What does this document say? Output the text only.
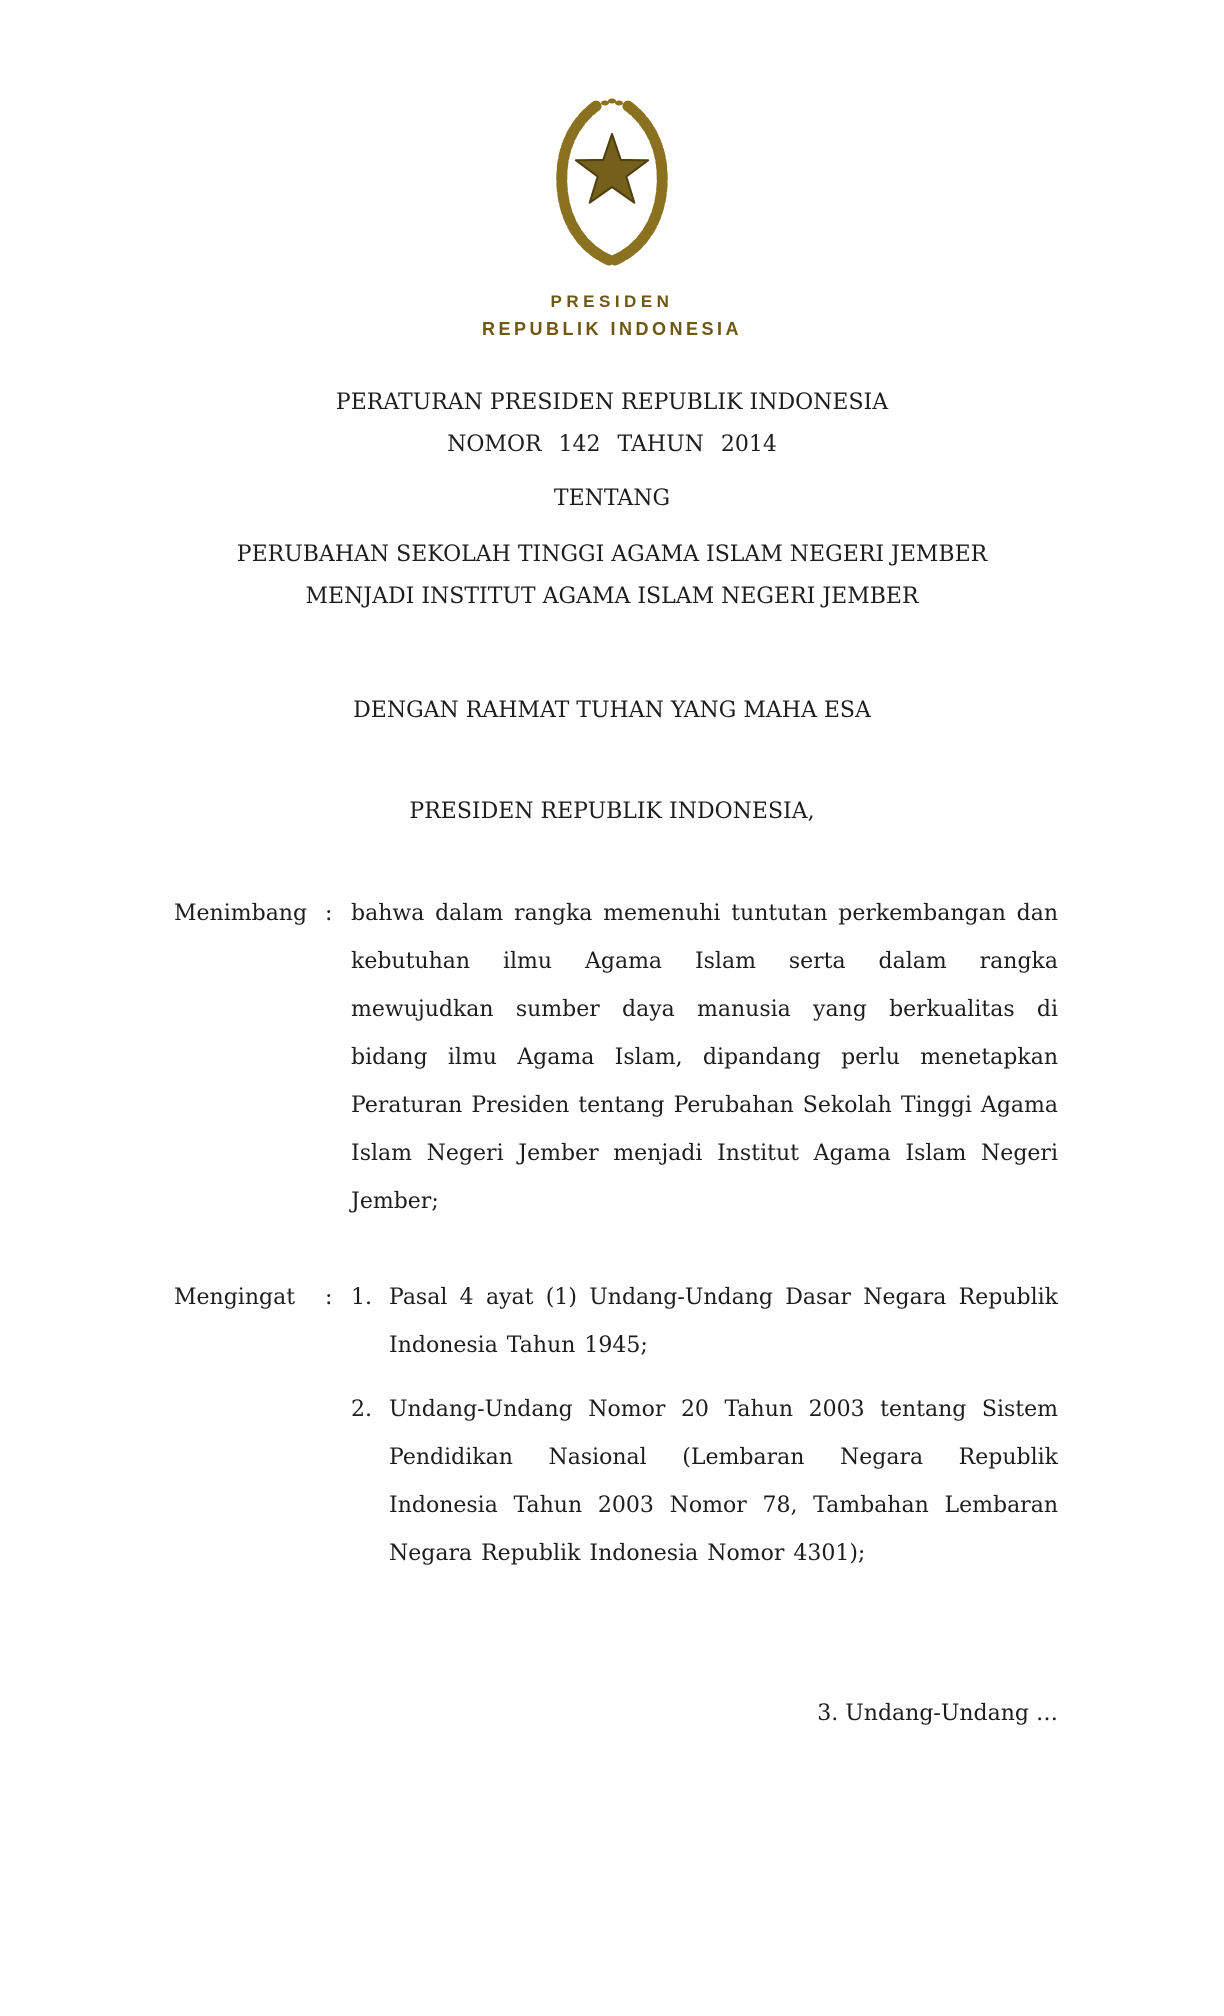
PRESIDEN
REPUBLIK INDONESIA
PERATURAN PRESIDEN REPUBLIK INDONESIA
NOMOR 142 TAHUN 2014
TENTANG
PERUBAHAN SEKOLAH TINGGI AGAMA ISLAM NEGERI JEMBER
MENJADI INSTITUT AGAMA ISLAM NEGERI JEMBER
DENGAN RAHMAT TUHAN YANG MAHA ESA
PRESIDEN REPUBLIK INDONESIA,
Menimbang : bahwa dalam rangka memenuhi tuntutan perkembangan dan kebutuhan ilmu Agama Islam serta dalam rangka mewujudkan sumber daya manusia yang berkualitas di bidang ilmu Agama Islam, dipandang perlu menetapkan Peraturan Presiden tentang Perubahan Sekolah Tinggi Agama Islam Negeri Jember menjadi Institut Agama Islam Negeri Jember;
Mengingat	: 1. Pasal 4 ayat (1) Undang-Undang Dasar Negara Republik Indonesia Tahun 1945;
2. Undang-Undang Nomor 20 Tahun 2003 tentang Sistem Pendidikan Nasional (Lembaran Negara Republik Indonesia Tahun 2003 Nomor 78, Tambahan Lembaran Negara Republik Indonesia Nomor 4301);
3. Undang-Undang …
